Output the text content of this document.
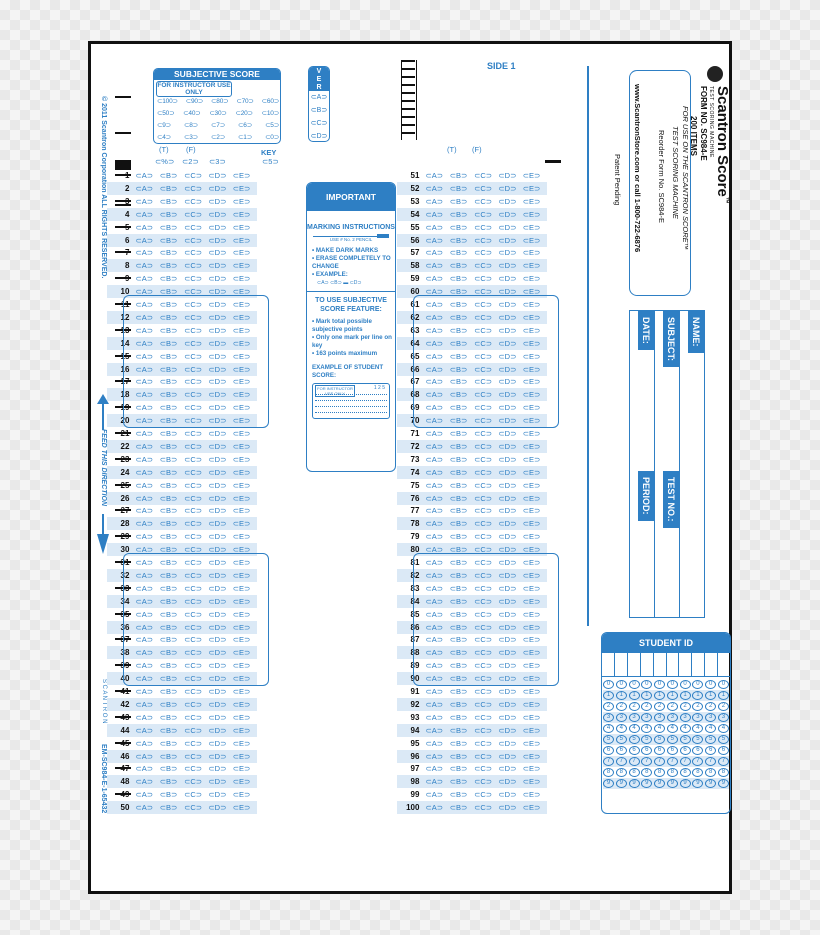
© 2011 Scantron Corporation ALL RIGHTS RESERVED.
FEED THIS DIRECTION
S C A N T R O N
EM-SC984-E-1-65432
SUBJECTIVE SCORE
FOR INSTRUCTOR USE ONLY
⊂100⊃ ⊂90⊃ ⊂80⊃ ⊂70⊃ ⊂60⊃
⊂50⊃ ⊂40⊃ ⊂30⊃ ⊂20⊃ ⊂10⊃
⊂9⊃ ⊂8⊃ ⊂7⊃ ⊂6⊃ ⊂5⊃
⊂4⊃ ⊂3⊃ ⊂2⊃ ⊂1⊃ ⊂0⊃
V
E
R
⊂A⊃
⊂B⊃
⊂C⊃
⊂D⊃
SIDE 1
(T) (F)	KEY
⊂%⊃	⊂2⊃	⊂3⊃	⊂5⊃
(T) (F)
1 ⊂A⊃ ⊂B⊃ ⊂C⊃ ⊂D⊃ ⊂E⊃
2 ⊂A⊃ ⊂B⊃ ⊂C⊃ ⊂D⊃ ⊂E⊃
3 ⊂A⊃ ⊂B⊃ ⊂C⊃ ⊂D⊃ ⊂E⊃
4 ⊂A⊃ ⊂B⊃ ⊂C⊃ ⊂D⊃ ⊂E⊃
5 ⊂A⊃ ⊂B⊃ ⊂C⊃ ⊂D⊃ ⊂E⊃
6 ⊂A⊃ ⊂B⊃ ⊂C⊃ ⊂D⊃ ⊂E⊃
7 ⊂A⊃ ⊂B⊃ ⊂C⊃ ⊂D⊃ ⊂E⊃
8 ⊂A⊃ ⊂B⊃ ⊂C⊃ ⊂D⊃ ⊂E⊃
9 ⊂A⊃ ⊂B⊃ ⊂C⊃ ⊂D⊃ ⊂E⊃
10 ⊂A⊃ ⊂B⊃ ⊂C⊃ ⊂D⊃ ⊂E⊃
11 ⊂A⊃ ⊂B⊃ ⊂C⊃ ⊂D⊃ ⊂E⊃
12 ⊂A⊃ ⊂B⊃ ⊂C⊃ ⊂D⊃ ⊂E⊃
13 ⊂A⊃ ⊂B⊃ ⊂C⊃ ⊂D⊃ ⊂E⊃
14 ⊂A⊃ ⊂B⊃ ⊂C⊃ ⊂D⊃ ⊂E⊃
15 ⊂A⊃ ⊂B⊃ ⊂C⊃ ⊂D⊃ ⊂E⊃
16 ⊂A⊃ ⊂B⊃ ⊂C⊃ ⊂D⊃ ⊂E⊃
17 ⊂A⊃ ⊂B⊃ ⊂C⊃ ⊂D⊃ ⊂E⊃
18 ⊂A⊃ ⊂B⊃ ⊂C⊃ ⊂D⊃ ⊂E⊃
19 ⊂A⊃ ⊂B⊃ ⊂C⊃ ⊂D⊃ ⊂E⊃
20 ⊂A⊃ ⊂B⊃ ⊂C⊃ ⊂D⊃ ⊂E⊃
21 ⊂A⊃ ⊂B⊃ ⊂C⊃ ⊂D⊃ ⊂E⊃
22 ⊂A⊃ ⊂B⊃ ⊂C⊃ ⊂D⊃ ⊂E⊃
23 ⊂A⊃ ⊂B⊃ ⊂C⊃ ⊂D⊃ ⊂E⊃
24 ⊂A⊃ ⊂B⊃ ⊂C⊃ ⊂D⊃ ⊂E⊃
25 ⊂A⊃ ⊂B⊃ ⊂C⊃ ⊂D⊃ ⊂E⊃
26 ⊂A⊃ ⊂B⊃ ⊂C⊃ ⊂D⊃ ⊂E⊃
27 ⊂A⊃ ⊂B⊃ ⊂C⊃ ⊂D⊃ ⊂E⊃
28 ⊂A⊃ ⊂B⊃ ⊂C⊃ ⊂D⊃ ⊂E⊃
29 ⊂A⊃ ⊂B⊃ ⊂C⊃ ⊂D⊃ ⊂E⊃
30 ⊂A⊃ ⊂B⊃ ⊂C⊃ ⊂D⊃ ⊂E⊃
31 ⊂A⊃ ⊂B⊃ ⊂C⊃ ⊂D⊃ ⊂E⊃
32 ⊂A⊃ ⊂B⊃ ⊂C⊃ ⊂D⊃ ⊂E⊃
33 ⊂A⊃ ⊂B⊃ ⊂C⊃ ⊂D⊃ ⊂E⊃
34 ⊂A⊃ ⊂B⊃ ⊂C⊃ ⊂D⊃ ⊂E⊃
35 ⊂A⊃ ⊂B⊃ ⊂C⊃ ⊂D⊃ ⊂E⊃
36 ⊂A⊃ ⊂B⊃ ⊂C⊃ ⊂D⊃ ⊂E⊃
37 ⊂A⊃ ⊂B⊃ ⊂C⊃ ⊂D⊃ ⊂E⊃
38 ⊂A⊃ ⊂B⊃ ⊂C⊃ ⊂D⊃ ⊂E⊃
39 ⊂A⊃ ⊂B⊃ ⊂C⊃ ⊂D⊃ ⊂E⊃
40 ⊂A⊃ ⊂B⊃ ⊂C⊃ ⊂D⊃ ⊂E⊃
41 ⊂A⊃ ⊂B⊃ ⊂C⊃ ⊂D⊃ ⊂E⊃
42 ⊂A⊃ ⊂B⊃ ⊂C⊃ ⊂D⊃ ⊂E⊃
43 ⊂A⊃ ⊂B⊃ ⊂C⊃ ⊂D⊃ ⊂E⊃
44 ⊂A⊃ ⊂B⊃ ⊂C⊃ ⊂D⊃ ⊂E⊃
45 ⊂A⊃ ⊂B⊃ ⊂C⊃ ⊂D⊃ ⊂E⊃
46 ⊂A⊃ ⊂B⊃ ⊂C⊃ ⊂D⊃ ⊂E⊃
47 ⊂A⊃ ⊂B⊃ ⊂C⊃ ⊂D⊃ ⊂E⊃
48 ⊂A⊃ ⊂B⊃ ⊂C⊃ ⊂D⊃ ⊂E⊃
49 ⊂A⊃ ⊂B⊃ ⊂C⊃ ⊂D⊃ ⊂E⊃
50 ⊂A⊃ ⊂B⊃ ⊂C⊃ ⊂D⊃ ⊂E⊃
51 ⊂A⊃ ⊂B⊃ ⊂C⊃ ⊂D⊃ ⊂E⊃
52 ⊂A⊃ ⊂B⊃ ⊂C⊃ ⊂D⊃ ⊂E⊃
53 ⊂A⊃ ⊂B⊃ ⊂C⊃ ⊂D⊃ ⊂E⊃
54 ⊂A⊃ ⊂B⊃ ⊂C⊃ ⊂D⊃ ⊂E⊃
55 ⊂A⊃ ⊂B⊃ ⊂C⊃ ⊂D⊃ ⊂E⊃
56 ⊂A⊃ ⊂B⊃ ⊂C⊃ ⊂D⊃ ⊂E⊃
57 ⊂A⊃ ⊂B⊃ ⊂C⊃ ⊂D⊃ ⊂E⊃
58 ⊂A⊃ ⊂B⊃ ⊂C⊃ ⊂D⊃ ⊂E⊃
59 ⊂A⊃ ⊂B⊃ ⊂C⊃ ⊂D⊃ ⊂E⊃
60 ⊂A⊃ ⊂B⊃ ⊂C⊃ ⊂D⊃ ⊂E⊃
61 ⊂A⊃ ⊂B⊃ ⊂C⊃ ⊂D⊃ ⊂E⊃
62 ⊂A⊃ ⊂B⊃ ⊂C⊃ ⊂D⊃ ⊂E⊃
63 ⊂A⊃ ⊂B⊃ ⊂C⊃ ⊂D⊃ ⊂E⊃
64 ⊂A⊃ ⊂B⊃ ⊂C⊃ ⊂D⊃ ⊂E⊃
65 ⊂A⊃ ⊂B⊃ ⊂C⊃ ⊂D⊃ ⊂E⊃
66 ⊂A⊃ ⊂B⊃ ⊂C⊃ ⊂D⊃ ⊂E⊃
67 ⊂A⊃ ⊂B⊃ ⊂C⊃ ⊂D⊃ ⊂E⊃
68 ⊂A⊃ ⊂B⊃ ⊂C⊃ ⊂D⊃ ⊂E⊃
69 ⊂A⊃ ⊂B⊃ ⊂C⊃ ⊂D⊃ ⊂E⊃
70 ⊂A⊃ ⊂B⊃ ⊂C⊃ ⊂D⊃ ⊂E⊃
71 ⊂A⊃ ⊂B⊃ ⊂C⊃ ⊂D⊃ ⊂E⊃
72 ⊂A⊃ ⊂B⊃ ⊂C⊃ ⊂D⊃ ⊂E⊃
73 ⊂A⊃ ⊂B⊃ ⊂C⊃ ⊂D⊃ ⊂E⊃
74 ⊂A⊃ ⊂B⊃ ⊂C⊃ ⊂D⊃ ⊂E⊃
75 ⊂A⊃ ⊂B⊃ ⊂C⊃ ⊂D⊃ ⊂E⊃
76 ⊂A⊃ ⊂B⊃ ⊂C⊃ ⊂D⊃ ⊂E⊃
77 ⊂A⊃ ⊂B⊃ ⊂C⊃ ⊂D⊃ ⊂E⊃
78 ⊂A⊃ ⊂B⊃ ⊂C⊃ ⊂D⊃ ⊂E⊃
79 ⊂A⊃ ⊂B⊃ ⊂C⊃ ⊂D⊃ ⊂E⊃
80 ⊂A⊃ ⊂B⊃ ⊂C⊃ ⊂D⊃ ⊂E⊃
81 ⊂A⊃ ⊂B⊃ ⊂C⊃ ⊂D⊃ ⊂E⊃
82 ⊂A⊃ ⊂B⊃ ⊂C⊃ ⊂D⊃ ⊂E⊃
83 ⊂A⊃ ⊂B⊃ ⊂C⊃ ⊂D⊃ ⊂E⊃
84 ⊂A⊃ ⊂B⊃ ⊂C⊃ ⊂D⊃ ⊂E⊃
85 ⊂A⊃ ⊂B⊃ ⊂C⊃ ⊂D⊃ ⊂E⊃
86 ⊂A⊃ ⊂B⊃ ⊂C⊃ ⊂D⊃ ⊂E⊃
87 ⊂A⊃ ⊂B⊃ ⊂C⊃ ⊂D⊃ ⊂E⊃
88 ⊂A⊃ ⊂B⊃ ⊂C⊃ ⊂D⊃ ⊂E⊃
89 ⊂A⊃ ⊂B⊃ ⊂C⊃ ⊂D⊃ ⊂E⊃
90 ⊂A⊃ ⊂B⊃ ⊂C⊃ ⊂D⊃ ⊂E⊃
91 ⊂A⊃ ⊂B⊃ ⊂C⊃ ⊂D⊃ ⊂E⊃
92 ⊂A⊃ ⊂B⊃ ⊂C⊃ ⊂D⊃ ⊂E⊃
93 ⊂A⊃ ⊂B⊃ ⊂C⊃ ⊂D⊃ ⊂E⊃
94 ⊂A⊃ ⊂B⊃ ⊂C⊃ ⊂D⊃ ⊂E⊃
95 ⊂A⊃ ⊂B⊃ ⊂C⊃ ⊂D⊃ ⊂E⊃
96 ⊂A⊃ ⊂B⊃ ⊂C⊃ ⊂D⊃ ⊂E⊃
97 ⊂A⊃ ⊂B⊃ ⊂C⊃ ⊂D⊃ ⊂E⊃
98 ⊂A⊃ ⊂B⊃ ⊂C⊃ ⊂D⊃ ⊂E⊃
99 ⊂A⊃ ⊂B⊃ ⊂C⊃ ⊂D⊃ ⊂E⊃
100 ⊂A⊃ ⊂B⊃ ⊂C⊃ ⊂D⊃ ⊂E⊃
IMPORTANT
MARKING INSTRUCTIONS
USE # No. 2 PENCIL
• MAKE DARK MARKS
• ERASE COMPLETELY TO CHANGE
• EXAMPLE:
⊂A⊃ ⊂B⊃ ▬ ⊂D⊃
TO USE SUBJECTIVE SCORE FEATURE:
• Mark total possible subjective points
• Only one mark per line on key
• 163 points maximum
EXAMPLE OF STUDENT SCORE:
FOR INSTRUCTOR USE ONLY
1 2 5
Scantron Score™
TEST SCORING MACHINE
FORM NO. SC984-E
200 ITEMS
FOR USE ON THE SCANTRON SCORE™
TEST SCORING MACHINE
Reorder Form No. SC984-E
www.ScantronStore.com or call 1-800-722-6876
Patent Pending
DATE:
PERIOD:
SUBJECT:
TEST NO.:
NAME:
STUDENT ID
0	0	0	0	0	0	0	0	0	0
1	1	1	1	1	1	1	1	1	1
2	2	2	2	2	2	2	2	2	2
3	3	3	3	3	3	3	3	3	3
4	4	4	4	4	4	4	4	4	4
5	5	5	5	5	5	5	5	5	5
6	6	6	6	6	6	6	6	6	6
7	7	7	7	7	7	7	7	7	7
8	8	8	8	8	8	8	8	8	8
9	9	9	9	9	9	9	9	9	9
